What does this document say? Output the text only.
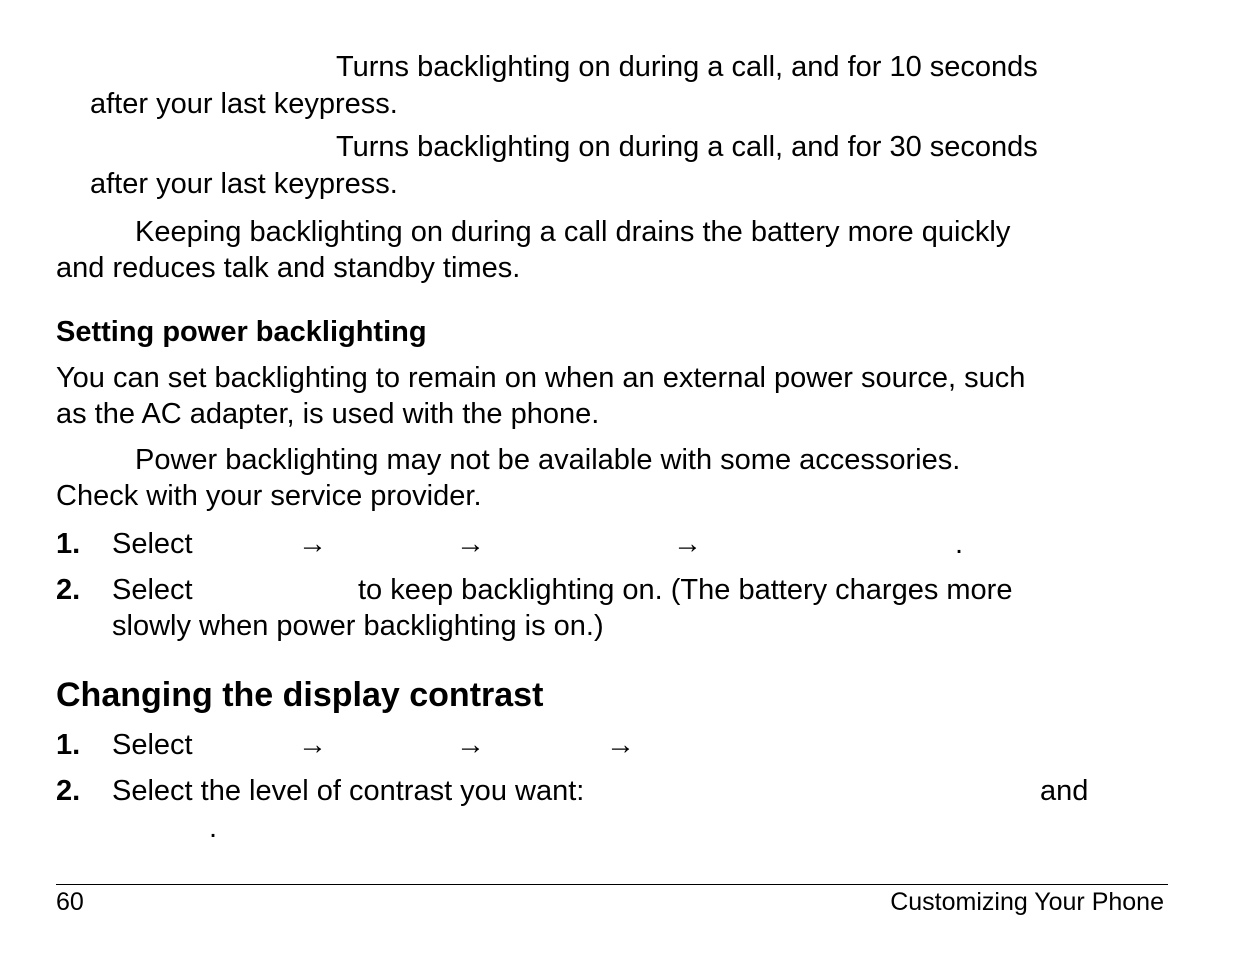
Turns backlighting on during a call, and for 10 seconds
after your last keypress.
Turns backlighting on during a call, and for 30 seconds
after your last keypress.
Keeping backlighting on during a call drains the battery more quickly
and reduces talk and standby times.
Setting power backlighting
You can set backlighting to remain on when an external power source, such
as the AC adapter, is used with the phone.
Power backlighting may not be available with some accessories.
Check with your service provider.
1. Select	→	→	→	.
2. Select	to keep backlighting on. (The battery charges more
slowly when power backlighting is on.)
Changing the display contrast
1. Select	→	→	→
2. Select the level of contrast you want:	and
.
60	Customizing Your Phone
